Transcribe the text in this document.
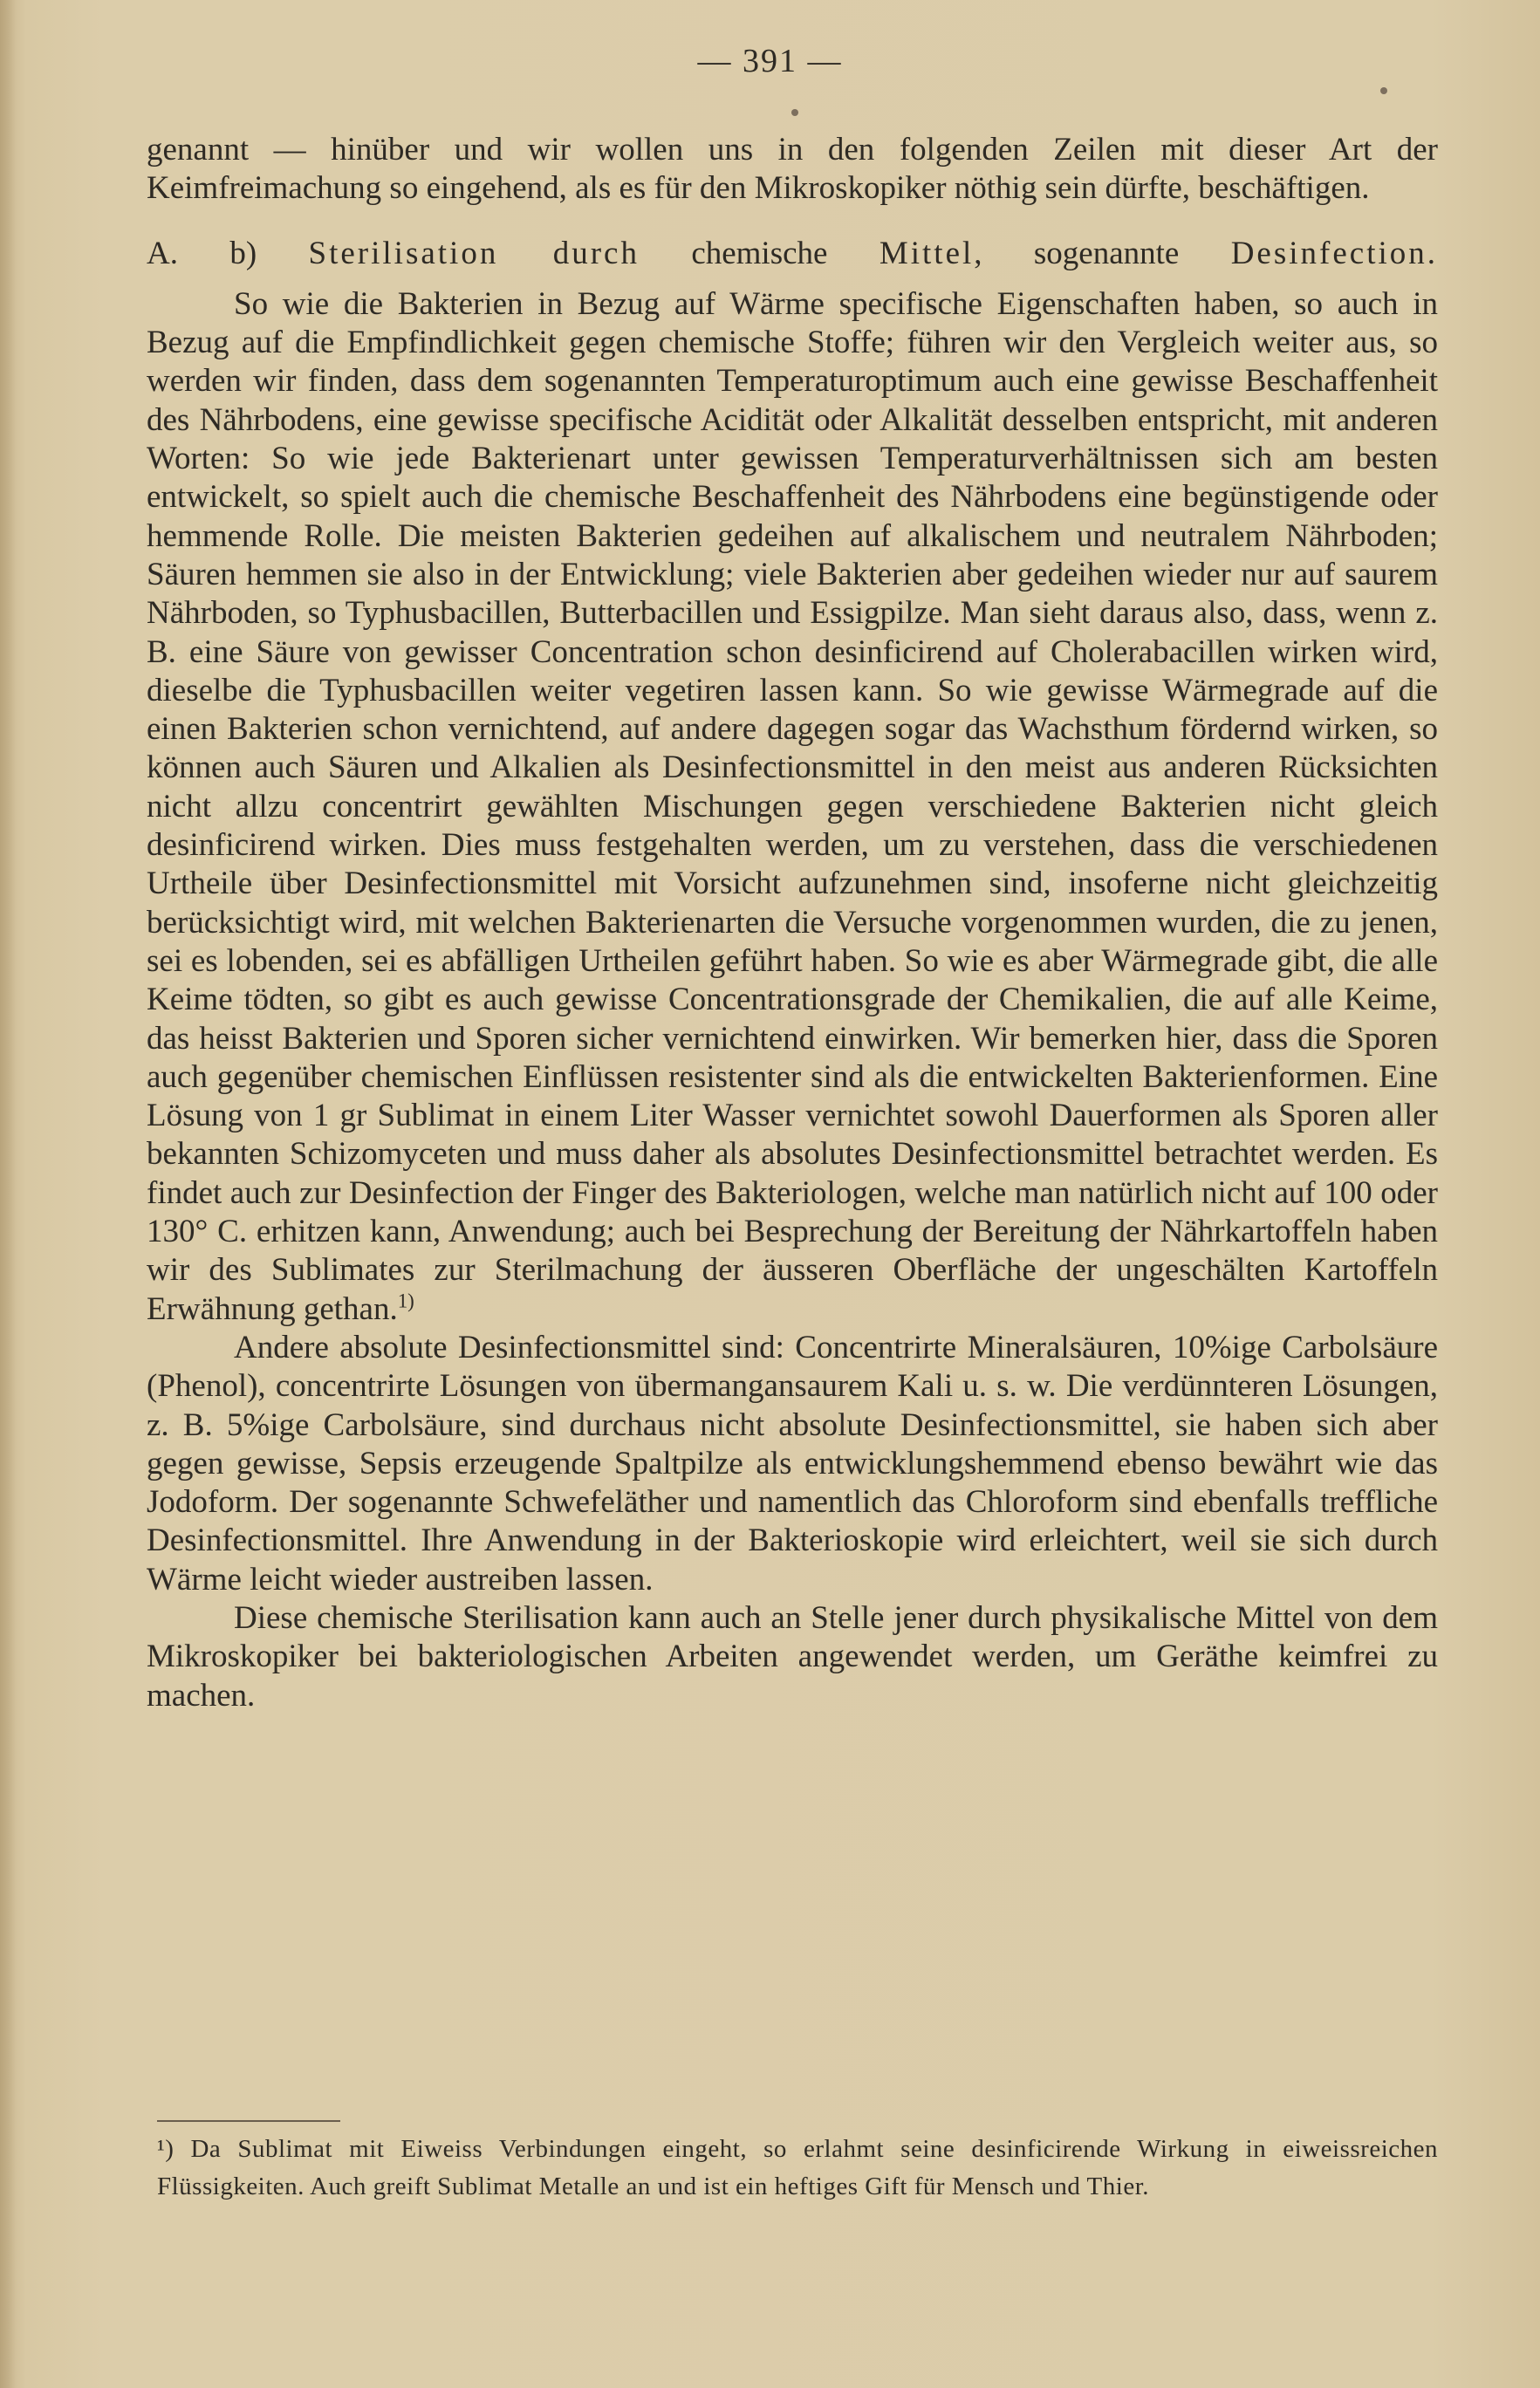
— 391 —

genannt — hinüber und wir wollen uns in den folgenden Zeilen mit dieser Art der Keimfreimachung so eingehend, als es für den Mikroskopiker nöthig sein dürfte, beschäftigen.

A. b) Sterilisation durch chemische Mittel, sogenannte Desinfection.

So wie die Bakterien in Bezug auf Wärme specifische Eigenschaften haben, so auch in Bezug auf die Empfindlichkeit gegen chemische Stoffe; führen wir den Vergleich weiter aus, so werden wir finden, dass dem sogenannten Temperaturoptimum auch eine gewisse Beschaffenheit des Nährbodens, eine gewisse specifische Acidität oder Alkalität desselben entspricht, mit anderen Worten: So wie jede Bakterienart unter gewissen Temperaturverhältnissen sich am besten entwickelt, so spielt auch die chemische Beschaffenheit des Nährbodens eine begünstigende oder hemmende Rolle. Die meisten Bakterien gedeihen auf alkalischem und neutralem Nährboden; Säuren hemmen sie also in der Entwicklung; viele Bakterien aber gedeihen wieder nur auf saurem Nährboden, so Typhusbacillen, Butterbacillen und Essigpilze. Man sieht daraus also, dass, wenn z. B. eine Säure von gewisser Concentration schon desinficirend auf Cholerabacillen wirken wird, dieselbe die Typhusbacillen weiter vegetiren lassen kann. So wie gewisse Wärmegrade auf die einen Bakterien schon vernichtend, auf andere dagegen sogar das Wachsthum fördernd wirken, so können auch Säuren und Alkalien als Desinfectionsmittel in den meist aus anderen Rücksichten nicht allzu concentrirt gewählten Mischungen gegen verschiedene Bakterien nicht gleich desinficirend wirken. Dies muss festgehalten werden, um zu verstehen, dass die verschiedenen Urtheile über Desinfectionsmittel mit Vorsicht aufzunehmen sind, insoferne nicht gleichzeitig berücksichtigt wird, mit welchen Bakterienarten die Versuche vorgenommen wurden, die zu jenen, sei es lobenden, sei es abfälligen Urtheilen geführt haben. So wie es aber Wärmegrade gibt, die alle Keime tödten, so gibt es auch gewisse Concentrationsgrade der Chemikalien, die auf alle Keime, das heisst Bakterien und Sporen sicher vernichtend einwirken. Wir bemerken hier, dass die Sporen auch gegenüber chemischen Einflüssen resistenter sind als die entwickelten Bakterienformen. Eine Lösung von 1 gr Sublimat in einem Liter Wasser vernichtet sowohl Dauerformen als Sporen aller bekannten Schizomyceten und muss daher als absolutes Desinfectionsmittel betrachtet werden. Es findet auch zur Desinfection der Finger des Bakteriologen, welche man natürlich nicht auf 100 oder 130° C. erhitzen kann, Anwendung; auch bei Besprechung der Bereitung der Nährkartoffeln haben wir des Sublimates zur Sterilmachung der äusseren Oberfläche der ungeschälten Kartoffeln Erwähnung gethan.$^{1)}$

Andere absolute Desinfectionsmittel sind: Concentrirte Mineralsäuren, 10%ige Carbolsäure (Phenol), concentrirte Lösungen von übermangansaurem Kali u. s. w. Die verdünnteren Lösungen, z. B. 5%ige Carbolsäure, sind durchaus nicht absolute Desinfectionsmittel, sie haben sich aber gegen gewisse, Sepsis erzeugende Spaltpilze als entwicklungshemmend ebenso bewährt wie das Jodoform. Der sogenannte Schwefeläther und namentlich das Chloroform sind ebenfalls treffliche Desinfectionsmittel. Ihre Anwendung in der Bakterioskopie wird erleichtert, weil sie sich durch Wärme leicht wieder austreiben lassen.

Diese chemische Sterilisation kann auch an Stelle jener durch physikalische Mittel von dem Mikroskopiker bei bakteriologischen Arbeiten angewendet werden, um Geräthe keimfrei zu machen.

¹) Da Sublimat mit Eiweiss Verbindungen eingeht, so erlahmt seine desinficirende Wirkung in eiweissreichen Flüssigkeiten. Auch greift Sublimat Metalle an und ist ein heftiges Gift für Mensch und Thier.
